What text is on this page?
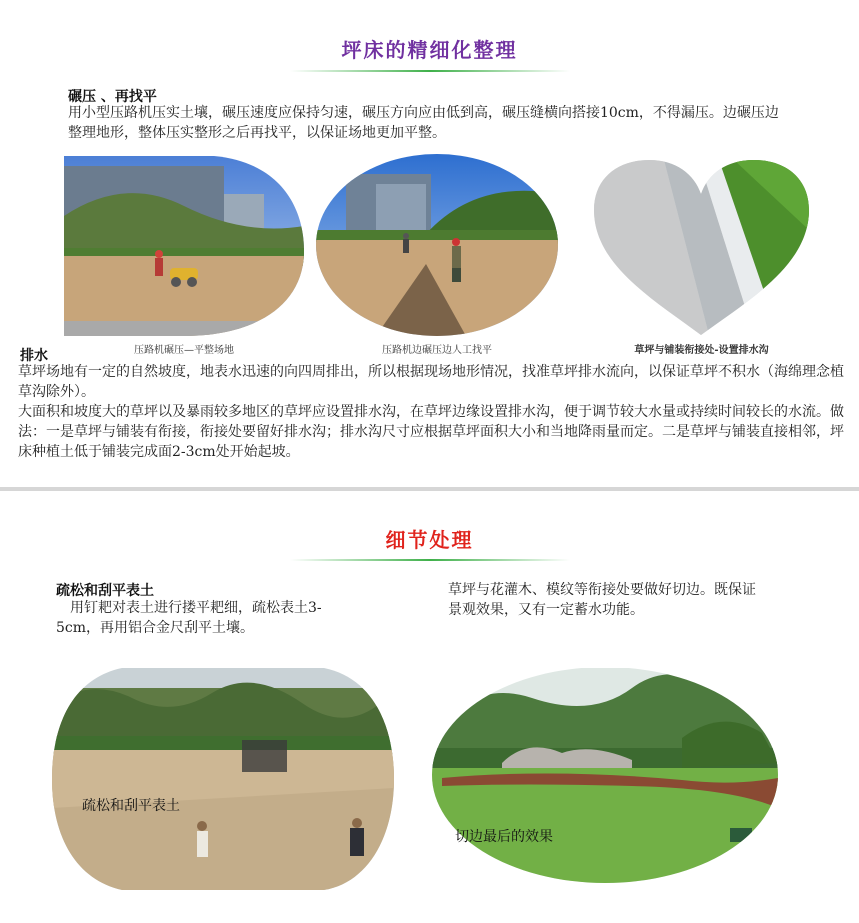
坪床的精细化整理
碾压 、再找平
用小型压路机压实土壤，碾压速度应保持匀速，碾压方向应由低到高，碾压缝横向搭接10cm，不得漏压。边碾压边整理地形，整体压实整形之后再找平，以保证场地更加平整。
压路机碾压—平整场地	压路机边碾压边人工找平	草坪与铺装衔接处-设置排水沟
排水
草坪场地有一定的自然坡度，地表水迅速的向四周排出，所以根据现场地形情况，找准草坪排水流向，以保证草坪不积水（海绵理念植草沟除外）。
大面积和坡度大的草坪以及暴雨较多地区的草坪应设置排水沟，在草坪边缘设置排水沟，便于调节较大水量或持续时间较长的水流。做法：一是草坪与铺装有衔接，衔接处要留好排水沟；排水沟尺寸应根据草坪面积大小和当地降雨量而定。二是草坪与铺装直接相邻，坪床种植土低于铺装完成面2-3cm处开始起坡。
细节处理
疏松和刮平表土
用钉耙对表土进行搂平耙细，疏松表土3-5cm，再用铝合金尺刮平土壤。
草坪与花灌木、模纹等衔接处要做好切边。既保证景观效果，又有一定蓄水功能。
疏松和刮平表土
切边最后的效果
